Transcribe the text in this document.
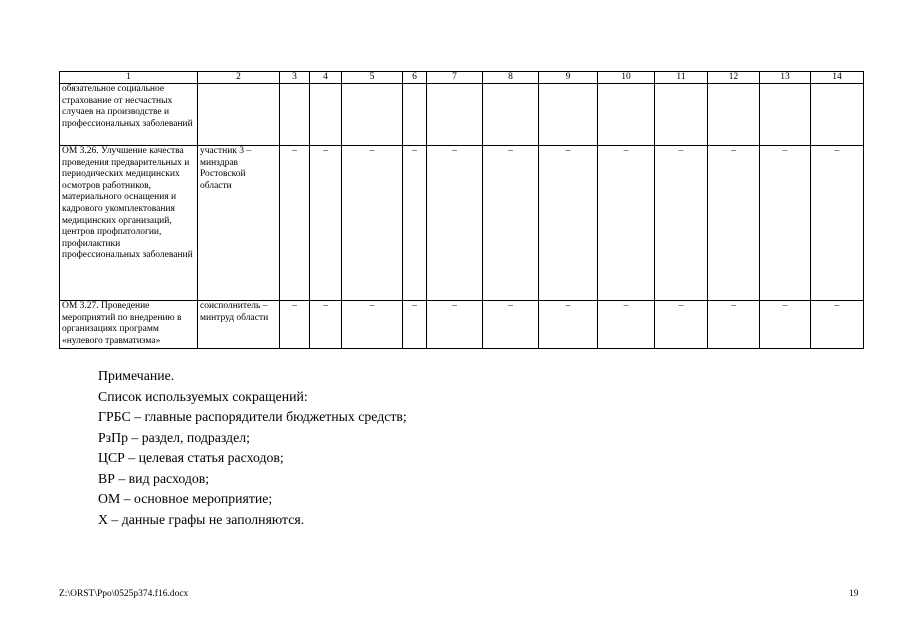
1	2	3	4	5	6	7	8	9	10	11	12	13	14
обязательное социальное страхование от несчастных случаев на производстве и профессиональных заболеваний													
ОМ 3.26. Улучшение качества проведения предварительных и периодических медицинских осмотров работников, материального оснащения и кадрового укомплектования медицинских организаций, центров профпатологии, профилактики профессиональных заболеваний	участник 3 – минздрав Ростовской области	–	–	–	–	–	–	–	–	–	–	–	–
ОМ 3.27. Проведение мероприятий по внедрению в организациях программ «нулевого травматизма»	соисполнитель – минтруд области	–	–	–	–	–	–	–	–	–	–	–	–
Примечание.
Список используемых сокращений:
ГРБС – главные распорядители бюджетных средств;
РзПр – раздел, подраздел;
ЦСР – целевая статья расходов;
ВР – вид расходов;
ОМ – основное мероприятие;
Х – данные графы не заполняются.
Z:\ORST\Ppo\0525p374.f16.docx	19
